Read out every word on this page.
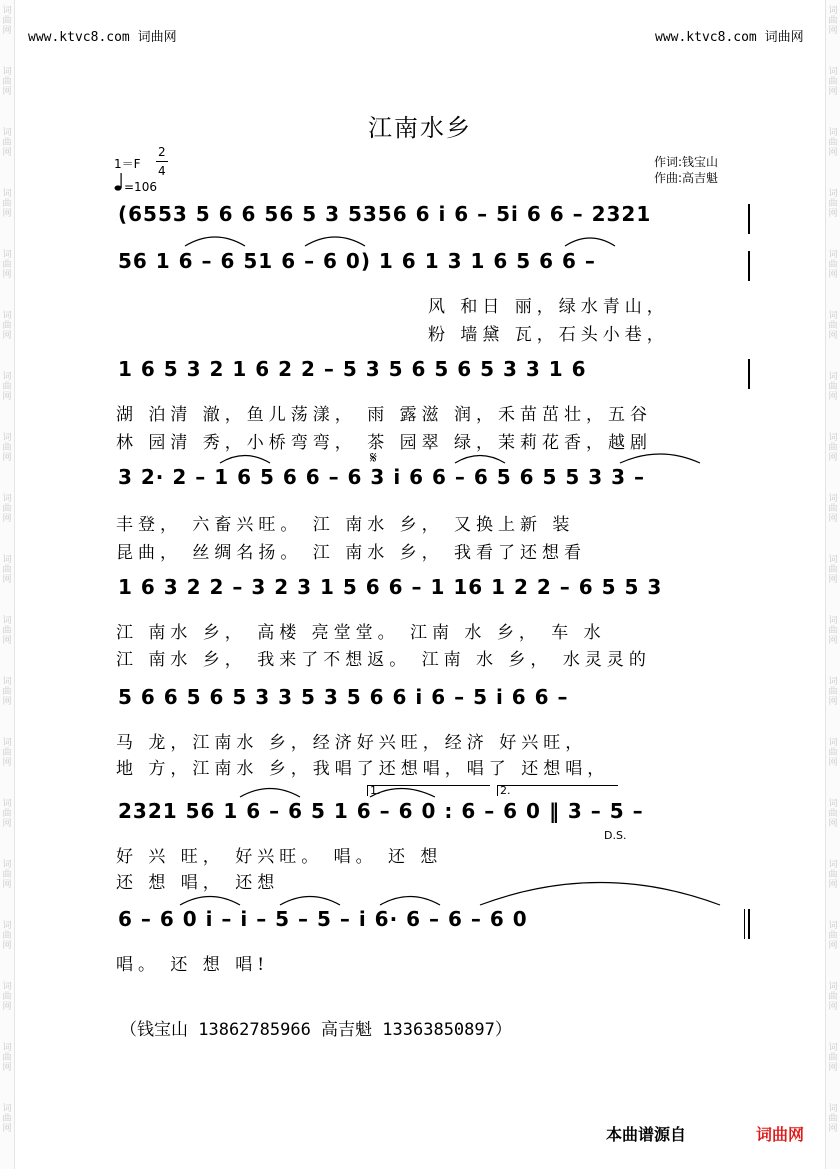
词
曲
网
词
曲
网
词
曲
网
词
曲
网
词
曲
网
词
曲
网
词
曲
网
词
曲
网
词
曲
网
词
曲
网
词
曲
网
词
曲
网
词
曲
网
词
曲
网
词
曲
网
词
曲
网
词
曲
网
词
曲
网
词
曲
网
词
曲
网
词
曲
网
词
曲
网
词
曲
网
词
曲
网
词
曲
网
词
曲
网
词
曲
网
词
曲
网
词
曲
网
词
曲
网
词
曲
网
词
曲
网
词
曲
网
词
曲
网
词
曲
网
词
曲
网
词
曲
网
词
曲
网
www.ktvc8.com 词曲网	www.ktvc8.com 词曲网
江南水乡
1＝F
2
4
=106
作词:钱宝山
作曲:高吉魁
(6553 5 6 6 56 5 3 5356 6 i 6 – 5i 6 6 – 2321
56 1 6 – 6 51 6 – 6 0) 1 6 1 3 1 6 5 6 6 –
风 和日 丽，绿水青山，
粉 墙黛 瓦，石头小巷，
1 6 5 3 2 1 6 2 2 – 5 3 5 6 5 6 5 3 3 1 6
湖 泊清 澈，鱼儿荡漾， 雨 露滋 润，禾苗茁壮，五谷
林 园清 秀，小桥弯弯， 茶 园翠 绿，茉莉花香，越剧
𝄋
3 2· 2 – 1 6 5 6 6 – 6 3 i 6 6 – 6 5 6 5 5 3 3 –
丰登， 六畜兴旺。 江 南水 乡， 又换上新 装
昆曲， 丝绸名扬。 江 南水 乡， 我看了还想看
1 6 3 2 2 – 3 2 3 1 5 6 6 – 1 16 1 2 2 – 6 5 5 3
江 南水 乡， 高楼 亮堂堂。 江南 水 乡， 车 水
江 南水 乡， 我来了不想返。 江南 水 乡， 水灵灵的
5 6 6 5 6 5 3 3 5 3 5 6 6 i 6 – 5 i 6 6 –
马 龙，江南水 乡，经济好兴旺，经济 好兴旺，
地 方，江南水 乡，我唱了还想唱，唱了 还想唱，
1.	2.
2321 56 1 6 – 6 5 1 6 – 6 0 : 6 – 6 0 ‖ 3 – 5 –
D.S.
好 兴 旺， 好兴旺。 唱。 还 想
还 想 唱， 还想
6 – 6 0 i – i – 5 – 5 – i 6· 6 – 6 – 6 0
唱。 还 想 唱!
（钱宝山 13862785966 高吉魁 13363850897）
本曲谱源自	词曲网
